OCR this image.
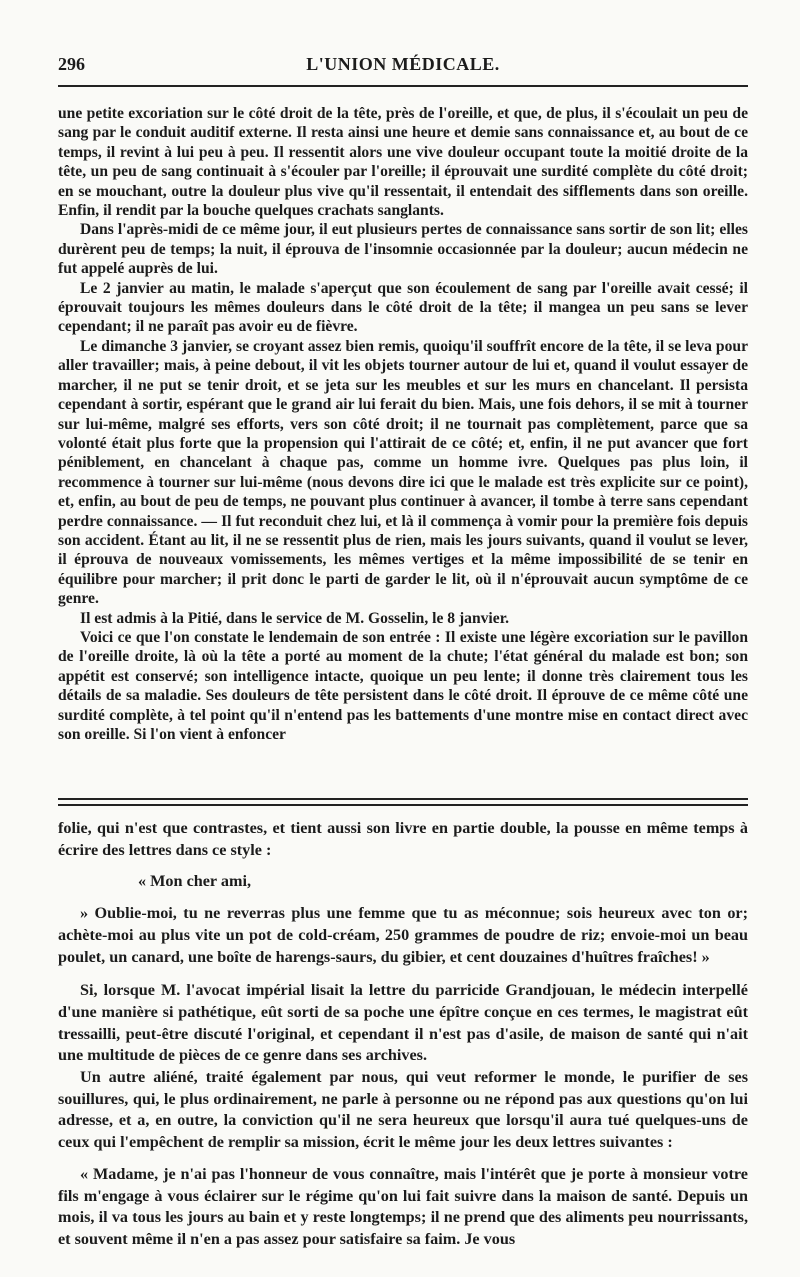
296	L'UNION MÉDICALE.

une petite excoriation sur le côté droit de la tête, près de l'oreille, et que, de plus, il s'écoulait un peu de sang par le conduit auditif externe. Il resta ainsi une heure et demie sans connaissance et, au bout de ce temps, il revint à lui peu à peu. Il ressentit alors une vive douleur occupant toute la moitié droite de la tête, un peu de sang continuait à s'écouler par l'oreille; il éprouvait une surdité complète du côté droit; en se mouchant, outre la douleur plus vive qu'il ressentait, il entendait des sifflements dans son oreille. Enfin, il rendit par la bouche quelques crachats sanglants.

Dans l'après-midi de ce même jour, il eut plusieurs pertes de connaissance sans sortir de son lit; elles durèrent peu de temps; la nuit, il éprouva de l'insomnie occasionnée par la douleur; aucun médecin ne fut appelé auprès de lui.

Le 2 janvier au matin, le malade s'aperçut que son écoulement de sang par l'oreille avait cessé; il éprouvait toujours les mêmes douleurs dans le côté droit de la tête; il mangea un peu sans se lever cependant; il ne paraît pas avoir eu de fièvre.

Le dimanche 3 janvier, se croyant assez bien remis, quoiqu'il souffrît encore de la tête, il se leva pour aller travailler; mais, à peine debout, il vit les objets tourner autour de lui et, quand il voulut essayer de marcher, il ne put se tenir droit, et se jeta sur les meubles et sur les murs en chancelant. Il persista cependant à sortir, espérant que le grand air lui ferait du bien. Mais, une fois dehors, il se mit à tourner sur lui-même, malgré ses efforts, vers son côté droit; il ne tournait pas complètement, parce que sa volonté était plus forte que la propension qui l'attirait de ce côté; et, enfin, il ne put avancer que fort péniblement, en chancelant à chaque pas, comme un homme ivre. Quelques pas plus loin, il recommence à tourner sur lui-même (nous devons dire ici que le malade est très explicite sur ce point), et, enfin, au bout de peu de temps, ne pouvant plus continuer à avancer, il tombe à terre sans cependant perdre connaissance. — Il fut reconduit chez lui, et là il commença à vomir pour la première fois depuis son accident. Étant au lit, il ne se ressentit plus de rien, mais les jours suivants, quand il voulut se lever, il éprouva de nouveaux vomissements, les mêmes vertiges et la même impossibilité de se tenir en équilibre pour marcher; il prit donc le parti de garder le lit, où il n'éprouvait aucun symptôme de ce genre.

Il est admis à la Pitié, dans le service de M. Gosselin, le 8 janvier.

Voici ce que l'on constate le lendemain de son entrée : Il existe une légère excoriation sur le pavillon de l'oreille droite, là où la tête a porté au moment de la chute; l'état général du malade est bon; son appétit est conservé; son intelligence intacte, quoique un peu lente; il donne très clairement tous les détails de sa maladie. Ses douleurs de tête persistent dans le côté droit. Il éprouve de ce même côté une surdité complète, à tel point qu'il n'entend pas les battements d'une montre mise en contact direct avec son oreille. Si l'on vient à enfoncer

folie, qui n'est que contrastes, et tient aussi son livre en partie double, la pousse en même temps à écrire des lettres dans ce style :

« Mon cher ami,

» Oublie-moi, tu ne reverras plus une femme que tu as méconnue; sois heureux avec ton or; achète-moi au plus vite un pot de cold-créam, 250 grammes de poudre de riz; envoie-moi un beau poulet, un canard, une boîte de harengs-saurs, du gibier, et cent douzaines d'huîtres fraîches! »

Si, lorsque M. l'avocat impérial lisait la lettre du parricide Grandjouan, le médecin interpellé d'une manière si pathétique, eût sorti de sa poche une épître conçue en ces termes, le magistrat eût tressailli, peut-être discuté l'original, et cependant il n'est pas d'asile, de maison de santé qui n'ait une multitude de pièces de ce genre dans ses archives.

Un autre aliéné, traité également par nous, qui veut reformer le monde, le purifier de ses souillures, qui, le plus ordinairement, ne parle à personne ou ne répond pas aux questions qu'on lui adresse, et a, en outre, la conviction qu'il ne sera heureux que lorsqu'il aura tué quelques-uns de ceux qui l'empêchent de remplir sa mission, écrit le même jour les deux lettres suivantes :

« Madame, je n'ai pas l'honneur de vous connaître, mais l'intérêt que je porte à monsieur votre fils m'engage à vous éclairer sur le régime qu'on lui fait suivre dans la maison de santé. Depuis un mois, il va tous les jours au bain et y reste longtemps; il ne prend que des aliments peu nourrissants, et souvent même il n'en a pas assez pour satisfaire sa faim. Je vous
